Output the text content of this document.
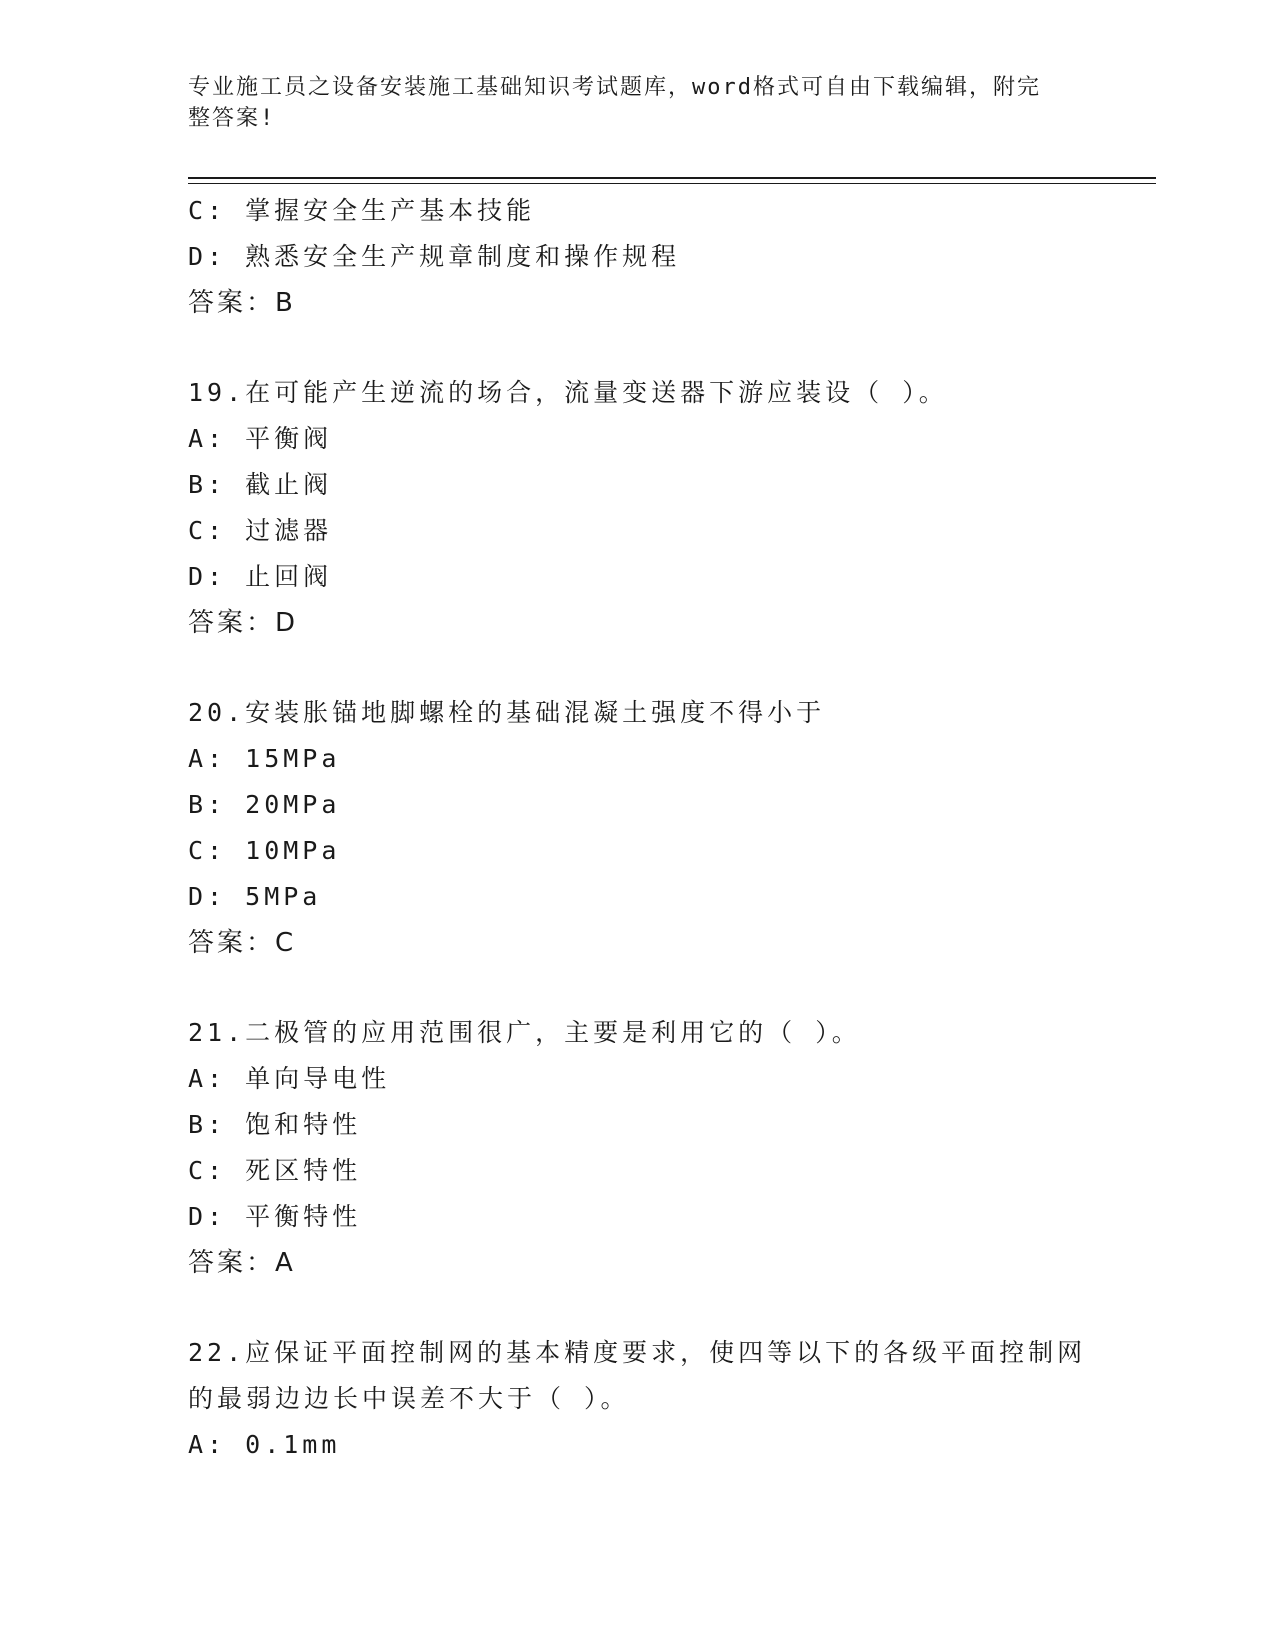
专业施工员之设备安装施工基础知识考试题库，word格式可自由下载编辑，附完
整答案!
C: 掌握安全生产基本技能
D: 熟悉安全生产规章制度和操作规程
答案：B
19.在可能产生逆流的场合，流量变送器下游应装设（ ）。
A: 平衡阀
B: 截止阀
C: 过滤器
D: 止回阀
答案：D
20.安装胀锚地脚螺栓的基础混凝土强度不得小于
A: 15MPa
B: 20MPa
C: 10MPa
D: 5MPa
答案：C
21.二极管的应用范围很广，主要是利用它的（ ）。
A: 单向导电性
B: 饱和特性
C: 死区特性
D: 平衡特性
答案：A
22.应保证平面控制网的基本精度要求，使四等以下的各级平面控制网
的最弱边边长中误差不大于（ ）。
A: 0.1mm
